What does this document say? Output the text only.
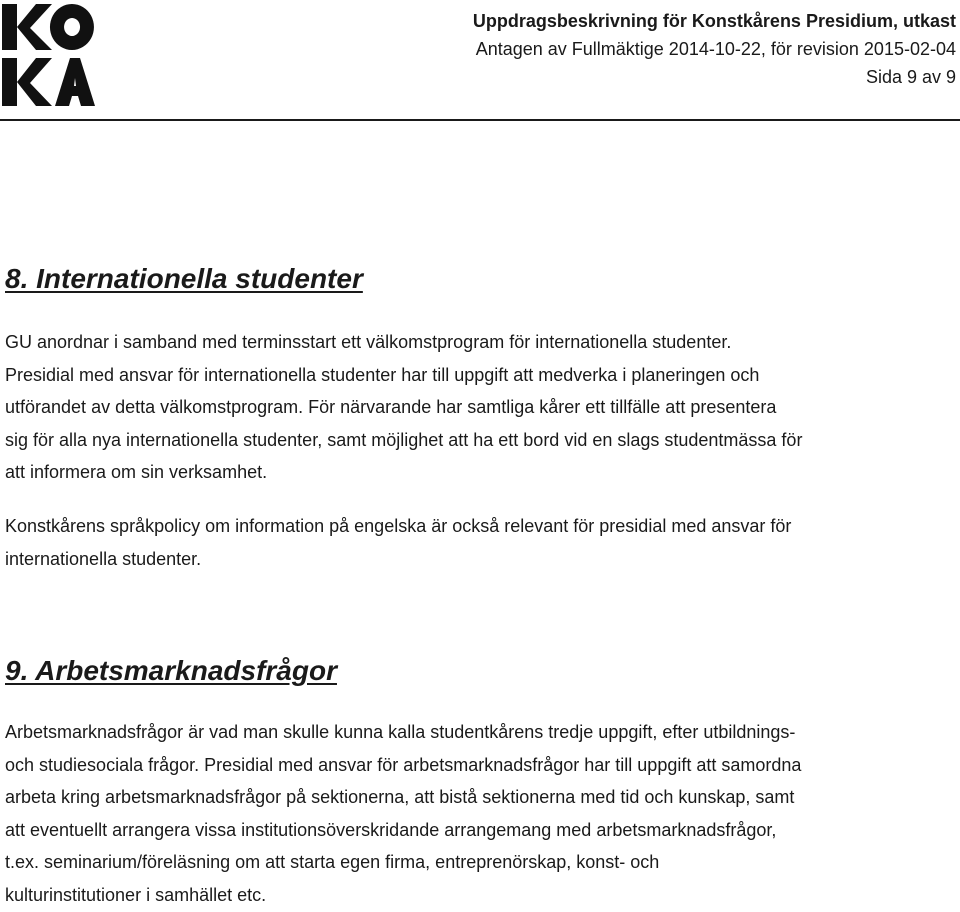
Uppdragsbeskrivning för Konstkårens Presidium, utkast
Antagen av Fullmäktige 2014-10-22, för revision 2015-02-04
Sida 9 av 9
8. Internationella studenter

GU anordnar i samband med terminsstart ett välkomstprogram för internationella studenter.
Presidial med ansvar för internationella studenter har till uppgift att medverka i planeringen och
utförandet av detta välkomstprogram. För närvarande har samtliga kårer ett tillfälle att presentera
sig för alla nya internationella studenter, samt möjlighet att ha ett bord vid en slags studentmässa för
att informera om sin verksamhet.

Konstkårens språkpolicy om information på engelska är också relevant för presidial med ansvar för
internationella studenter.

9. Arbetsmarknadsfrågor

Arbetsmarknadsfrågor är vad man skulle kunna kalla studentkårens tredje uppgift, efter utbildnings-
och studiesociala frågor. Presidial med ansvar för arbetsmarknadsfrågor har till uppgift att samordna
arbeta kring arbetsmarknadsfrågor på sektionerna, att bistå sektionerna med tid och kunskap, samt
att eventuellt arrangera vissa institutionsöverskridande arrangemang med arbetsmarknadsfrågor,
t.ex. seminarium/föreläsning om att starta egen firma, entreprenörskap, konst- och
kulturinstitutioner i samhället etc.
